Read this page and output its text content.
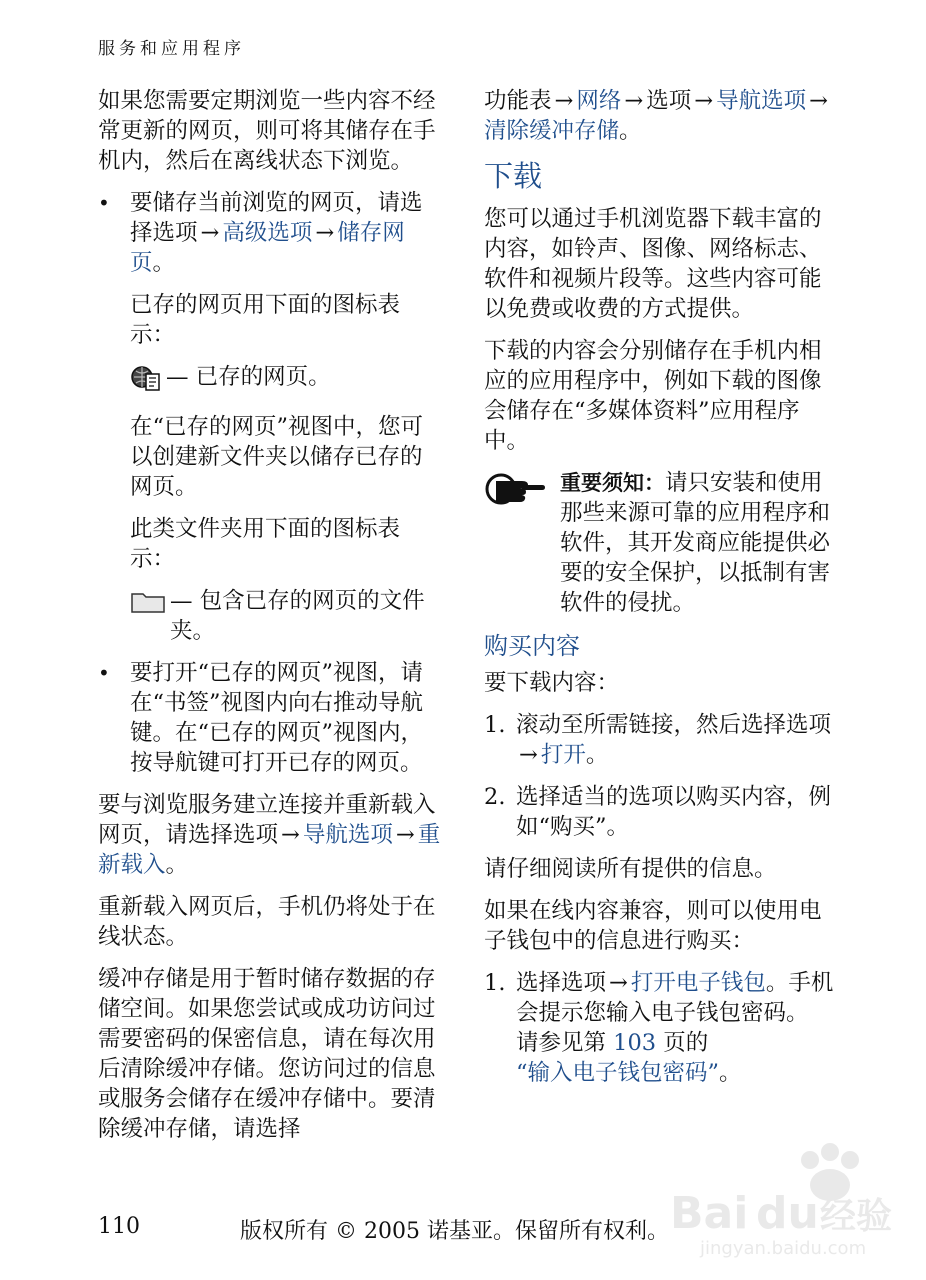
服务和应用程序

如果您需要定期浏览一些内容不经常更新的网页，则可将其储存在手机内，然后在离线状态下浏览。

• 要储存当前浏览的网页，请选择选项 → 高级选项 → 储存网页。
已存的网页用下面的图标表示：
— 已存的网页。
在“已存的网页”视图中，您可以创建新文件夹以储存已存的网页。
此类文件夹用下面的图标表示：
— 包含已存的网页的文件夹。
• 要打开“已存的网页”视图，请在“书签”视图内向右推动导航键。在“已存的网页”视图内，按导航键可打开已存的网页。

要与浏览服务建立连接并重新载入网页，请选择选项 → 导航选项 → 重新载入。

重新载入网页后，手机仍将处于在线状态。

缓冲存储是用于暂时储存数据的存储空间。如果您尝试或成功访问过需要密码的保密信息，请在每次用后清除缓冲存储。您访问过的信息或服务会储存在缓冲存储中。要清除缓冲存储，请选择

功能表 → 网络 → 选项 → 导航选项 →清除缓冲存储。

下载

您可以通过手机浏览器下载丰富的内容，如铃声、图像、网络标志、软件和视频片段等。这些内容可能以免费或收费的方式提供。

下载的内容会分别储存在手机内相应的应用程序中，例如下载的图像会储存在“多媒体资料”应用程序中。

重要须知：请只安装和使用那些来源可靠的应用程序和软件，其开发商应能提供必要的安全保护，以抵制有害软件的侵扰。
购买内容

要下载内容：

1. 滚动至所需链接，然后选择选项→ 打开。
2. 选择适当的选项以购买内容，例如“购买”。

请仔细阅读所有提供的信息。

如果在线内容兼容，则可以使用电子钱包中的信息进行购买：

1. 选择选项 → 打开电子钱包。手机会提示您输入电子钱包密码。 请参见第 103 页的
“输入电子钱包密码”。
110	版权所有 © 2005 诺基亚。保留所有权利。 Bai du 经验
jingyan.baidu.com
